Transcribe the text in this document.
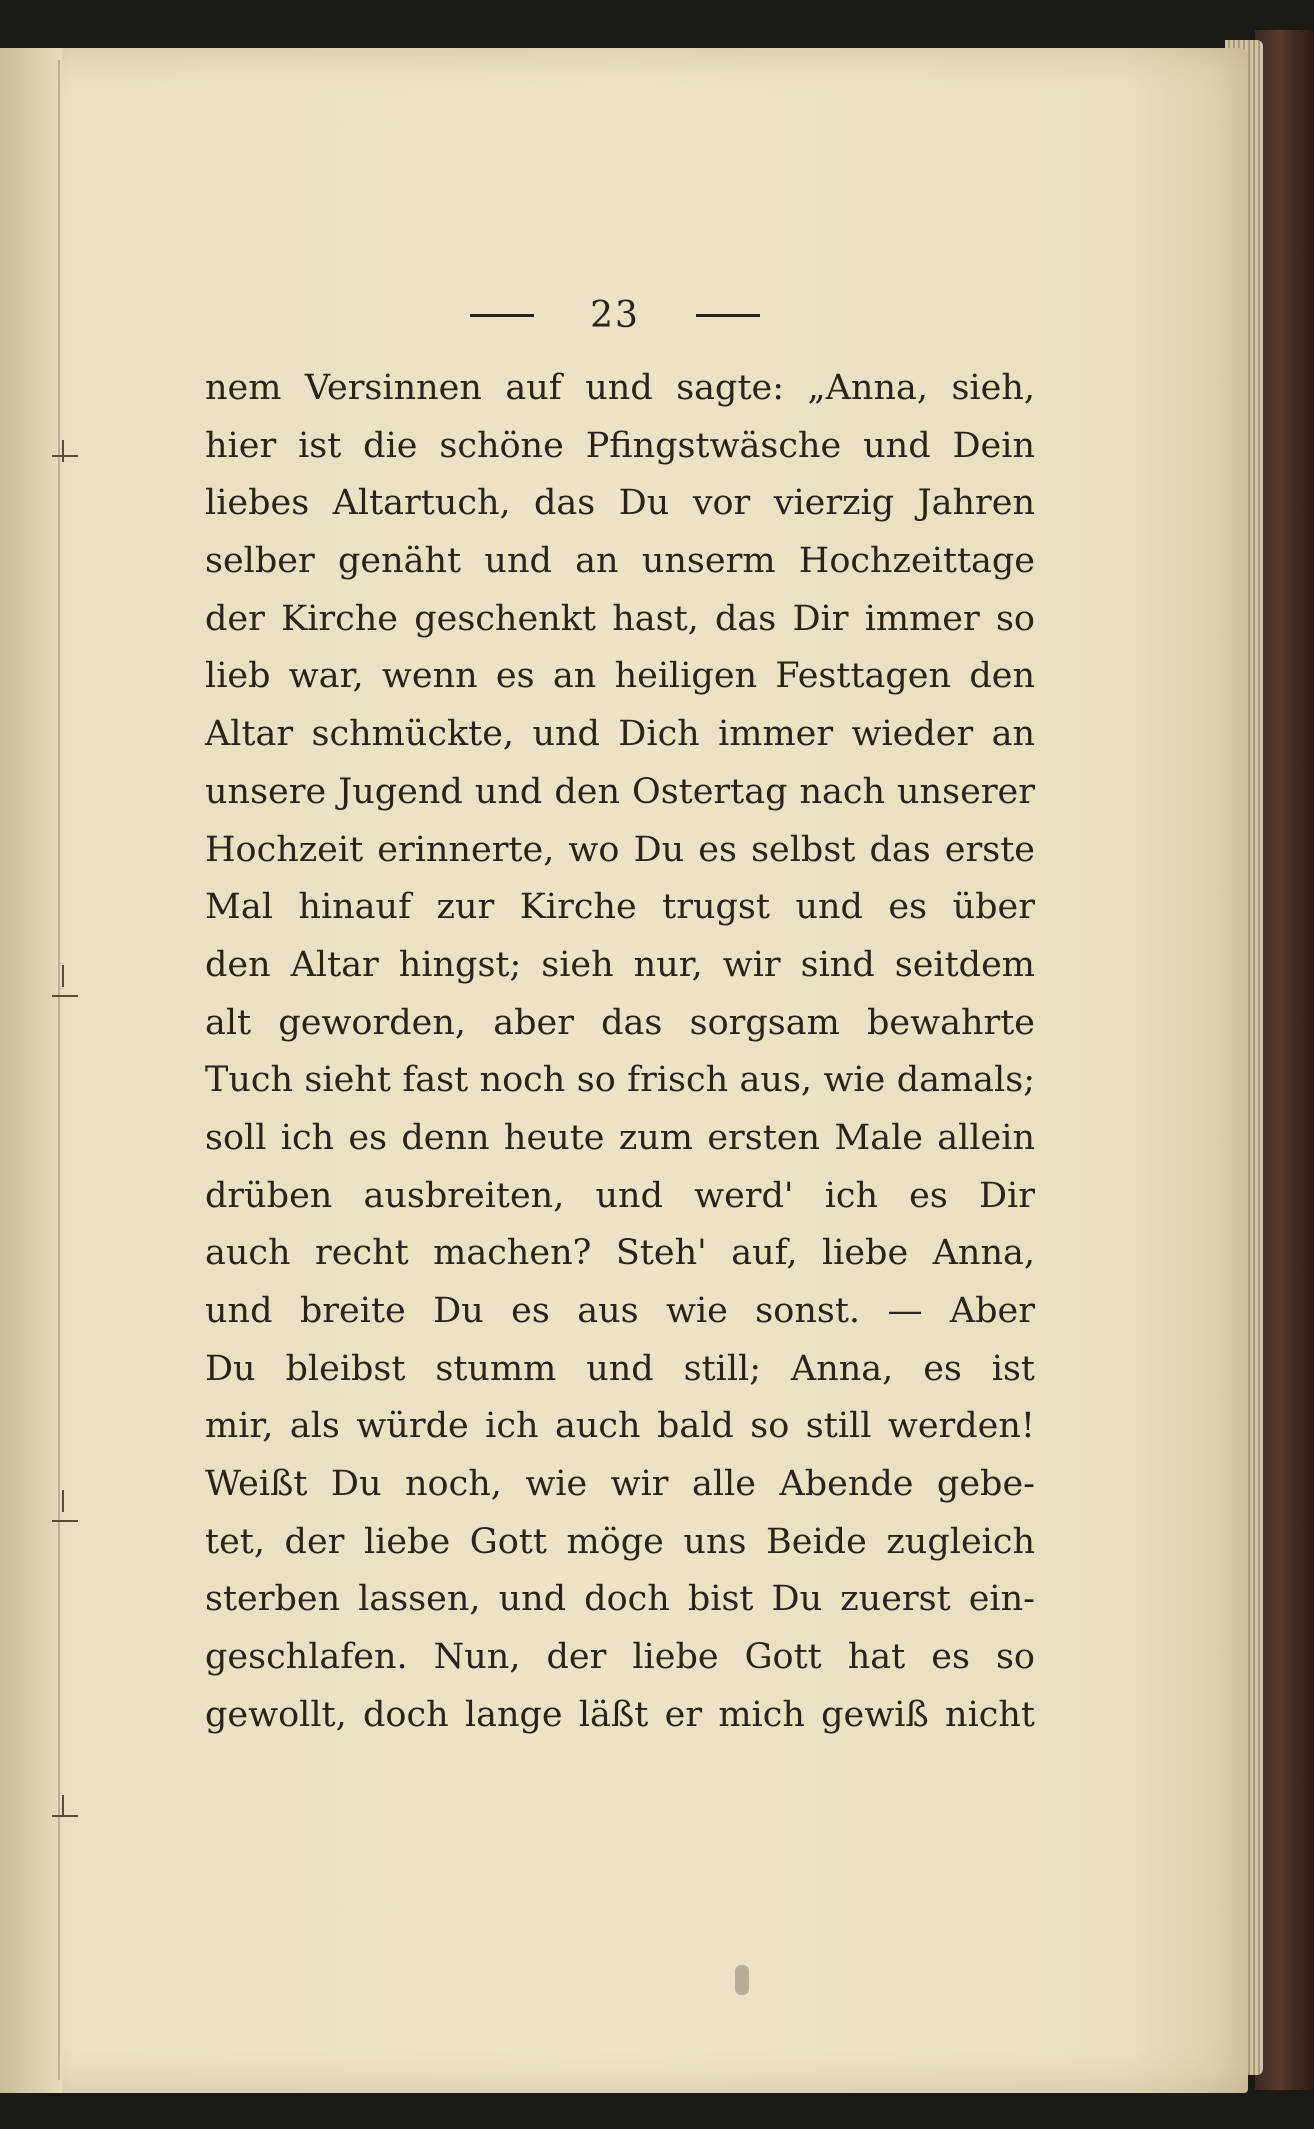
23
nem Versinnen auf und sagte: „Anna, sieh,
hier ist die schöne Pfingstwäsche und Dein
liebes Altartuch, das Du vor vierzig Jahren
selber genäht und an unserm Hochzeittage
der Kirche geschenkt hast, das Dir immer so
lieb war, wenn es an heiligen Festtagen den
Altar schmückte, und Dich immer wieder an
unsere Jugend und den Ostertag nach unserer
Hochzeit erinnerte, wo Du es selbst das erste
Mal hinauf zur Kirche trugst und es über
den Altar hingst; sieh nur, wir sind seitdem
alt geworden, aber das sorgsam bewahrte
Tuch sieht fast noch so frisch aus, wie damals;
soll ich es denn heute zum ersten Male allein
drüben ausbreiten, und werd' ich es Dir
auch recht machen? Steh' auf, liebe Anna,
und breite Du es aus wie sonst. — Aber
Du bleibst stumm und still; Anna, es ist
mir, als würde ich auch bald so still werden!
Weißt Du noch, wie wir alle Abende gebe-
tet, der liebe Gott möge uns Beide zugleich
sterben lassen, und doch bist Du zuerst ein-
geschlafen. Nun, der liebe Gott hat es so
gewollt, doch lange läßt er mich gewiß nicht
